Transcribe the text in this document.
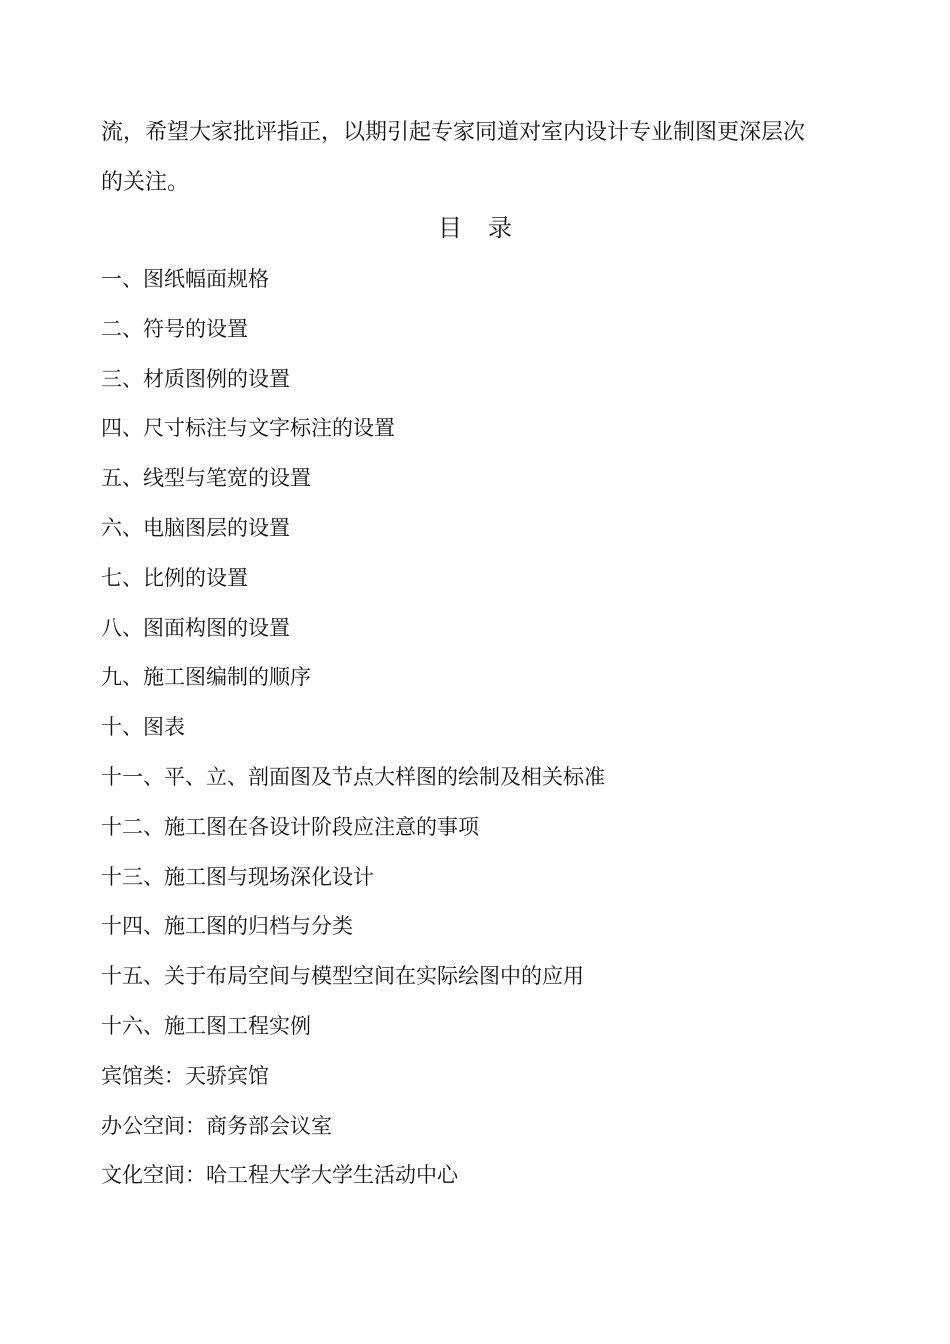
流，希望大家批评指正，以期引起专家同道对室内设计专业制图更深层次
的关注。

目 录
一、图纸幅面规格
二、符号的设置
三、材质图例的设置
四、尺寸标注与文字标注的设置
五、线型与笔宽的设置
六、电脑图层的设置
七、比例的设置
八、图面构图的设置
九、施工图编制的顺序
十、图表
十一、平、立、剖面图及节点大样图的绘制及相关标准
十二、施工图在各设计阶段应注意的事项
十三、施工图与现场深化设计
十四、施工图的归档与分类
十五、关于布局空间与模型空间在实际绘图中的应用
十六、施工图工程实例
宾馆类：天骄宾馆
办公空间：商务部会议室
文化空间：哈工程大学大学生活动中心
